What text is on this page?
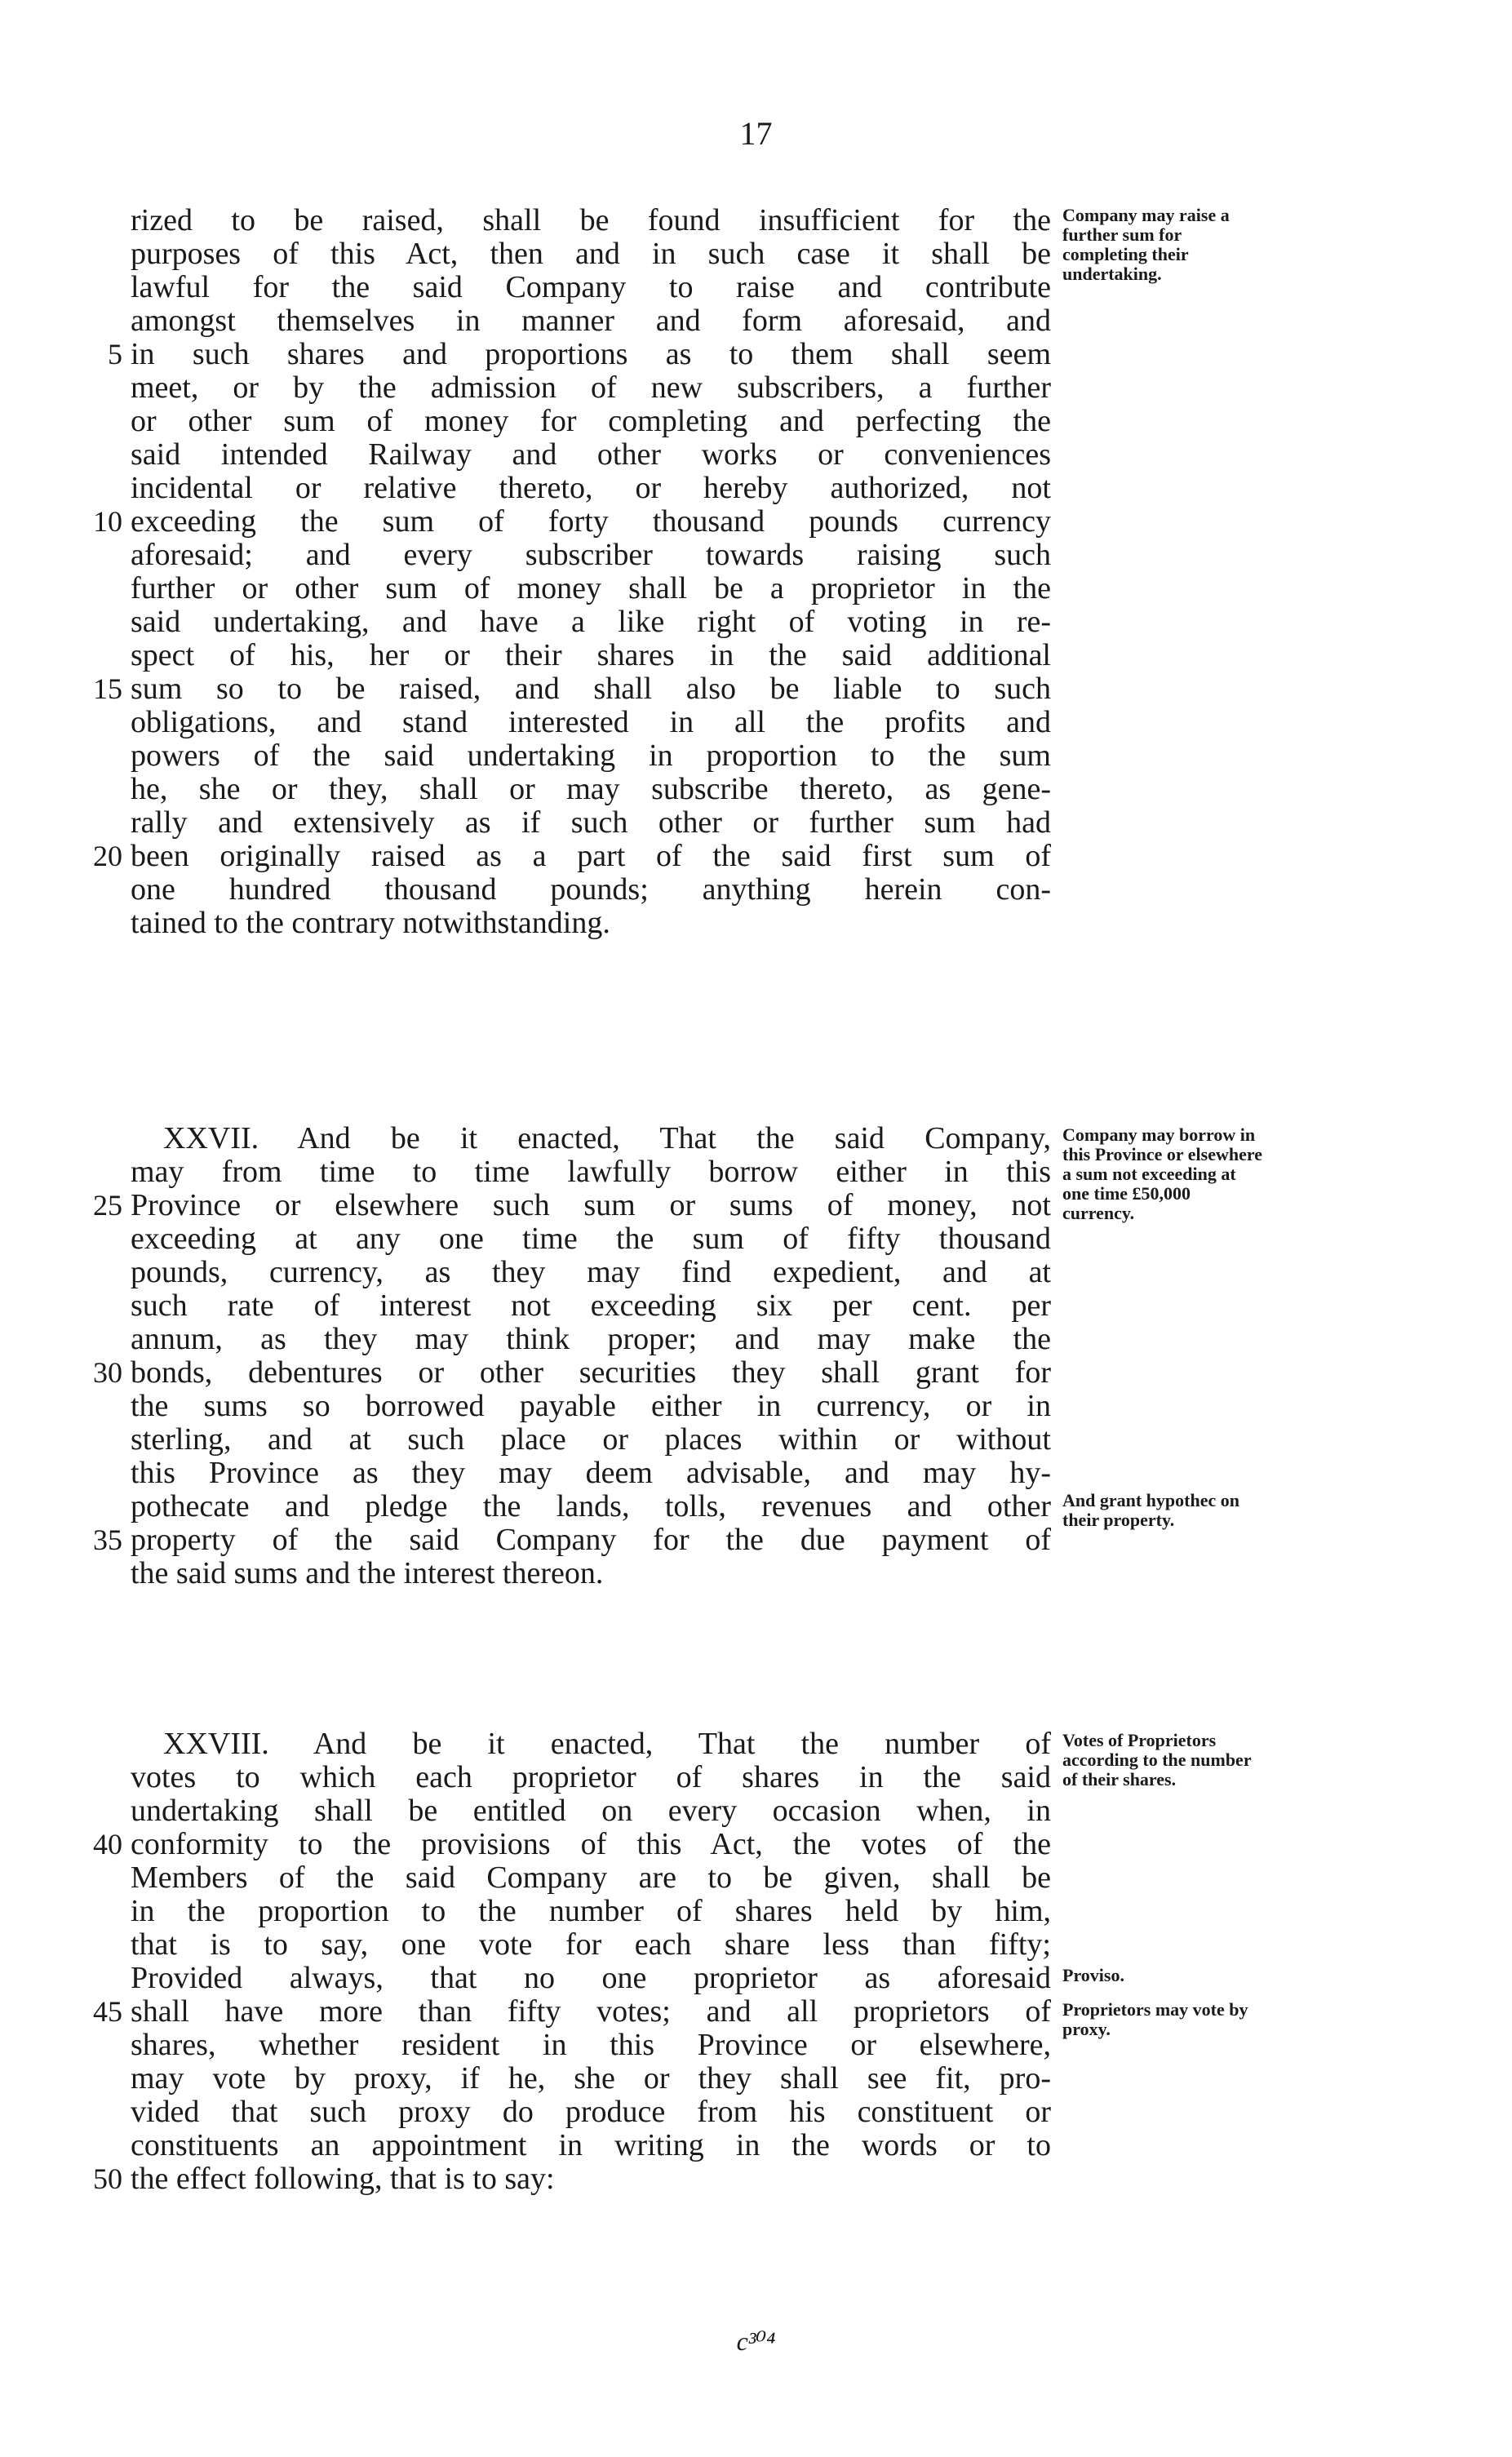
17
rized to be raised, shall be found insufficient for the
purposes of this Act, then and in such case it shall be
lawful for the said Company to raise and contribute
amongst themselves in manner and form aforesaid, and
in such shares and proportions as to them shall seem
5
meet, or by the admission of new subscribers, a further
or other sum of money for completing and perfecting the
said intended Railway and other works or conveniences
incidental or relative thereto, or hereby authorized, not
exceeding the sum of forty thousand pounds currency
10
aforesaid; and every subscriber towards raising such
further or other sum of money shall be a proprietor in the
said undertaking, and have a like right of voting in re-
spect of his, her or their shares in the said additional
sum so to be raised, and shall also be liable to such
15
obligations, and stand interested in all the profits and
powers of the said undertaking in proportion to the sum
he, she or they, shall or may subscribe thereto, as gene-
rally and extensively as if such other or further sum had
been originally raised as a part of the said first sum of
20
one hundred thousand pounds; anything herein con-
tained to the contrary notwithstanding.
Company may raise a further sum for completing their undertaking.
XXVII. And be it enacted, That the said Company,
may from time to time lawfully borrow either in this
Province or elsewhere such sum or sums of money, not
25
exceeding at any one time the sum of fifty thousand
pounds, currency, as they may find expedient, and at
such rate of interest not exceeding six per cent. per
annum, as they may think proper; and may make the
bonds, debentures or other securities they shall grant for
30
the sums so borrowed payable either in currency, or in
sterling, and at such place or places within or without
this Province as they may deem advisable, and may hy-
pothecate and pledge the lands, tolls, revenues and other
property of the said Company for the due payment of
35
the said sums and the interest thereon.
Company may borrow in this Province or elsewhere a sum not exceeding at one time £50,000 currency.
And grant hypothec on their property.
XXVIII. And be it enacted, That the number of
votes to which each proprietor of shares in the said
undertaking shall be entitled on every occasion when, in
conformity to the provisions of this Act, the votes of the
40
Members of the said Company are to be given, shall be
in the proportion to the number of shares held by him,
that is to say, one vote for each share less than fifty;
Provided always, that no one proprietor as aforesaid
shall have more than fifty votes; and all proprietors of
45
shares, whether resident in this Province or elsewhere,
may vote by proxy, if he, she or they shall see fit, pro-
vided that such proxy do produce from his constituent or
constituents an appointment in writing in the words or to
the effect following, that is to say:
50
Votes of Proprietors according to the number of their shares.
Proviso.
Proprietors may vote by proxy.
c³⁰⁴
